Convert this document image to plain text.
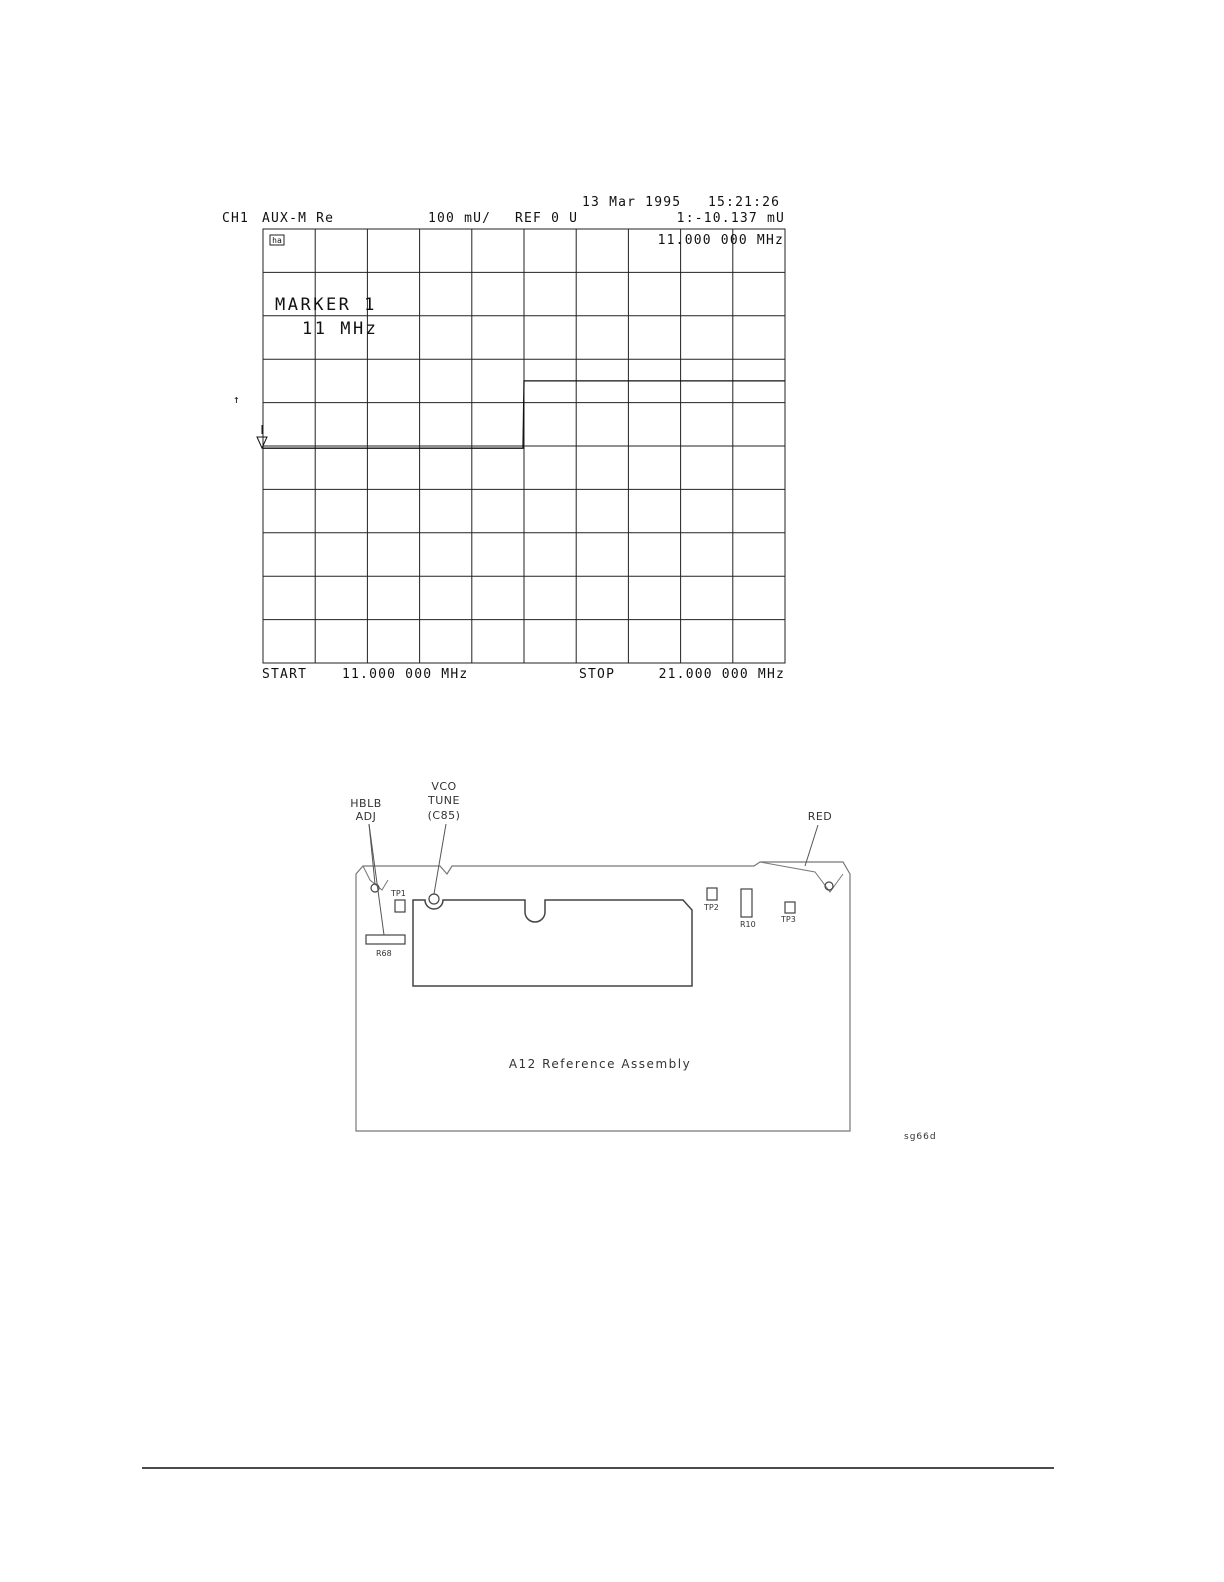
13 Mar 1995 15:21:26
CH1 AUX-M Re	100 mU/ REF 0 U	1:-10.137 mU
ha	11.000 000 MHz
MARKER 1
11 MHz
↑
START	11.000 000 MHz	STOP	21.000 000 MHz
TP1
R68
TP2
R10
TP3
HBLB
ADJ
VCO
TUNE
(C85)	RED
A12 Reference Assembly
sg66d
